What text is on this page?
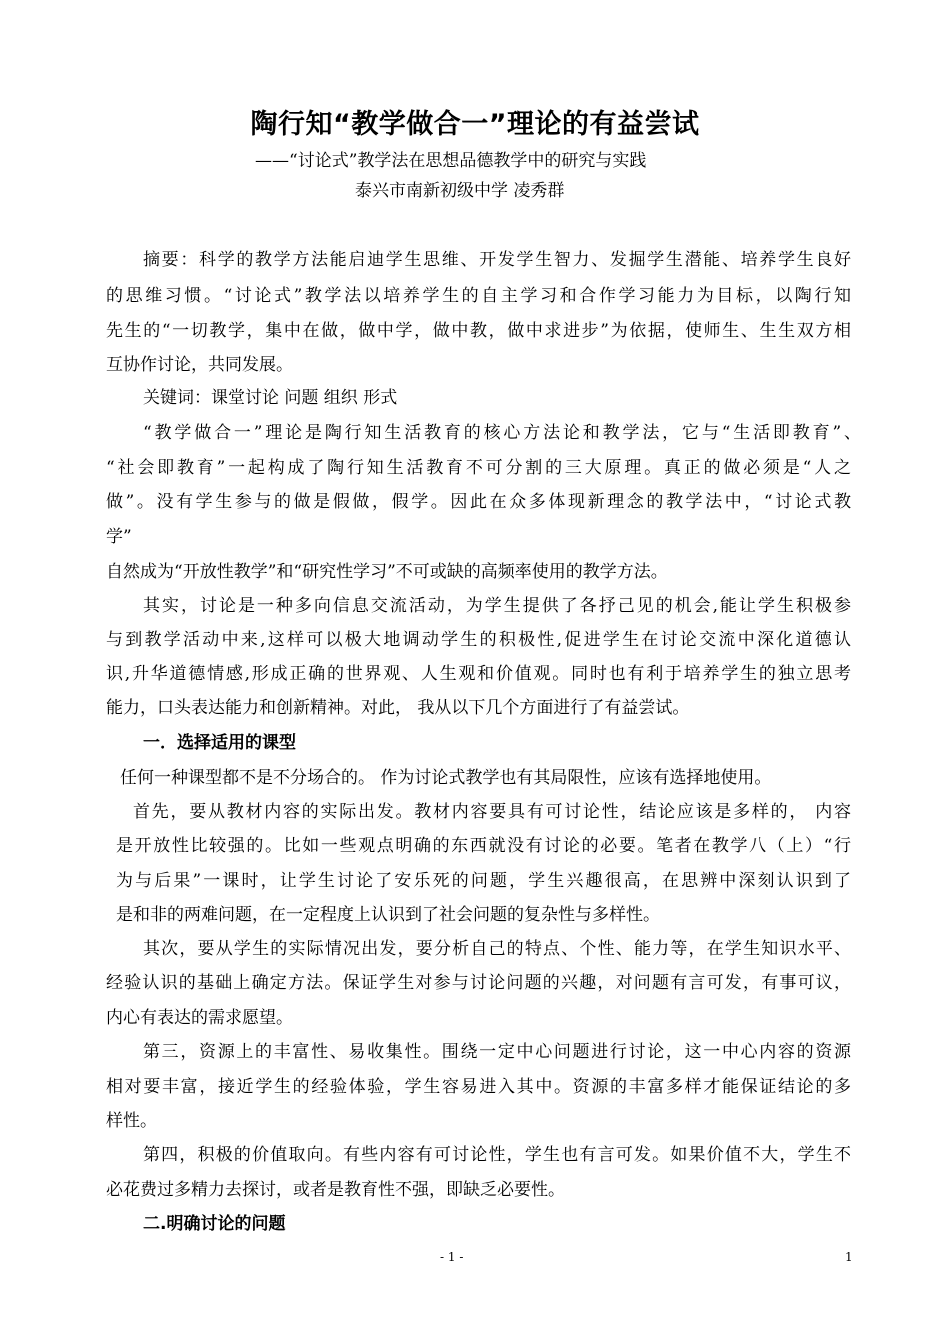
陶行知“教学做合一”理论的有益尝试
——“讨论式”教学法在思想品德教学中的研究与实践
泰兴市南新初级中学 凌秀群
摘要：科学的教学方法能启迪学生思维、开发学生智力、发掘学生潜能、培养学生良好
的思维习惯。“讨论式”教学法以培养学生的自主学习和合作学习能力为目标，以陶行知
先生的“一切教学，集中在做，做中学，做中教，做中求进步”为依据，使师生、生生双方相
互协作讨论，共同发展。
关键词：课堂讨论 问题 组织 形式
“教学做合一”理论是陶行知生活教育的核心方法论和教学法，它与“生活即教育”、
“社会即教育”一起构成了陶行知生活教育不可分割的三大原理。真正的做必须是“人之
做”。没有学生参与的做是假做，假学。因此在众多体现新理念的教学法中，“讨论式教
学”
自然成为“开放性教学”和“研究性学习”不可或缺的高频率使用的教学方法。
其实，讨论是一种多向信息交流活动，为学生提供了各抒己见的机会,能让学生积极参
与到教学活动中来,这样可以极大地调动学生的积极性,促进学生在讨论交流中深化道德认
识,升华道德情感,形成正确的世界观、人生观和价值观。同时也有利于培养学生的独立思考
能力，口头表达能力和创新精神。对此， 我从以下几个方面进行了有益尝试。
一．选择适用的课型
任何一种课型都不是不分场合的。 作为讨论式教学也有其局限性，应该有选择地使用。
首先，要从教材内容的实际出发。教材内容要具有可讨论性，结论应该是多样的， 内容
是开放性比较强的。比如一些观点明确的东西就没有讨论的必要。笔者在教学八（上）“行
为与后果”一课时，让学生讨论了安乐死的问题，学生兴趣很高，在思辨中深刻认识到了
是和非的两难问题，在一定程度上认识到了社会问题的复杂性与多样性。
其次，要从学生的实际情况出发，要分析自己的特点、个性、能力等，在学生知识水平、
经验认识的基础上确定方法。保证学生对参与讨论问题的兴趣，对问题有言可发，有事可议，
内心有表达的需求愿望。
第三，资源上的丰富性、易收集性。围绕一定中心问题进行讨论，这一中心内容的资源
相对要丰富，接近学生的经验体验，学生容易进入其中。资源的丰富多样才能保证结论的多
样性。
第四，积极的价值取向。有些内容有可讨论性，学生也有言可发。如果价值不大，学生不
必花费过多精力去探讨，或者是教育性不强，即缺乏必要性。
二.明确讨论的问题
- 1 -	1
